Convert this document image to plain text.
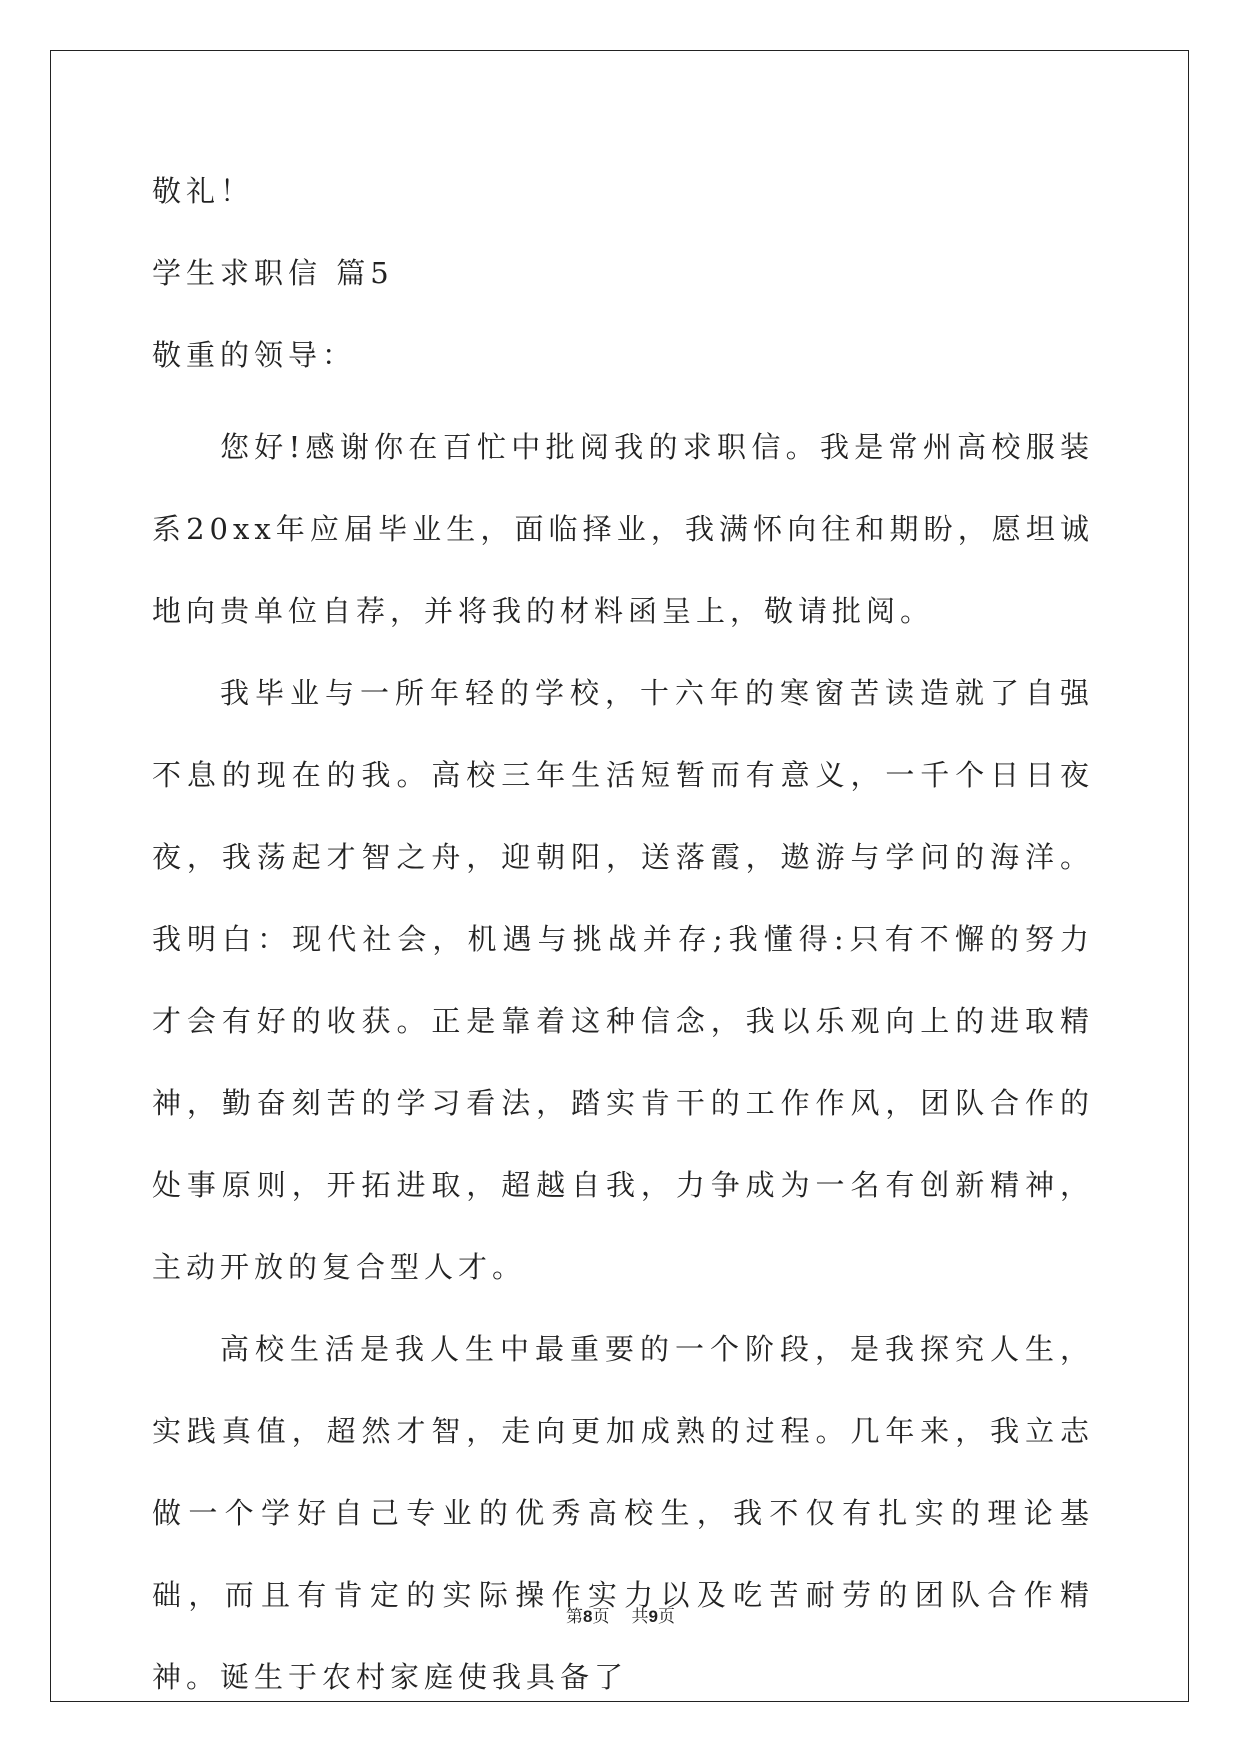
敬礼！
学生求职信 篇5
敬重的领导：

您好!感谢你在百忙中批阅我的求职信。我是常州高校服装系20xx年应届毕业生，面临择业，我满怀向往和期盼，愿坦诚地向贵单位自荐，并将我的材料函呈上，敬请批阅。

我毕业与一所年轻的学校，十六年的寒窗苦读造就了自强不息的现在的我。高校三年生活短暂而有意义，一千个日日夜夜，我荡起才智之舟，迎朝阳，送落霞，遨游与学问的海洋。我明白：现代社会，机遇与挑战并存;我懂得:只有不懈的努力才会有好的收获。正是靠着这种信念，我以乐观向上的进取精神，勤奋刻苦的学习看法，踏实肯干的工作作风，团队合作的处事原则，开拓进取，超越自我，力争成为一名有创新精神，主动开放的复合型人才。

高校生活是我人生中最重要的一个阶段，是我探究人生，实践真值，超然才智，走向更加成熟的过程。几年来，我立志做一个学好自己专业的优秀高校生，我不仅有扎实的理论基础，而且有肯定的实际操作实力以及吃苦耐劳的团队合作精神。诞生于农村家庭使我具备了

第8页 共9页
